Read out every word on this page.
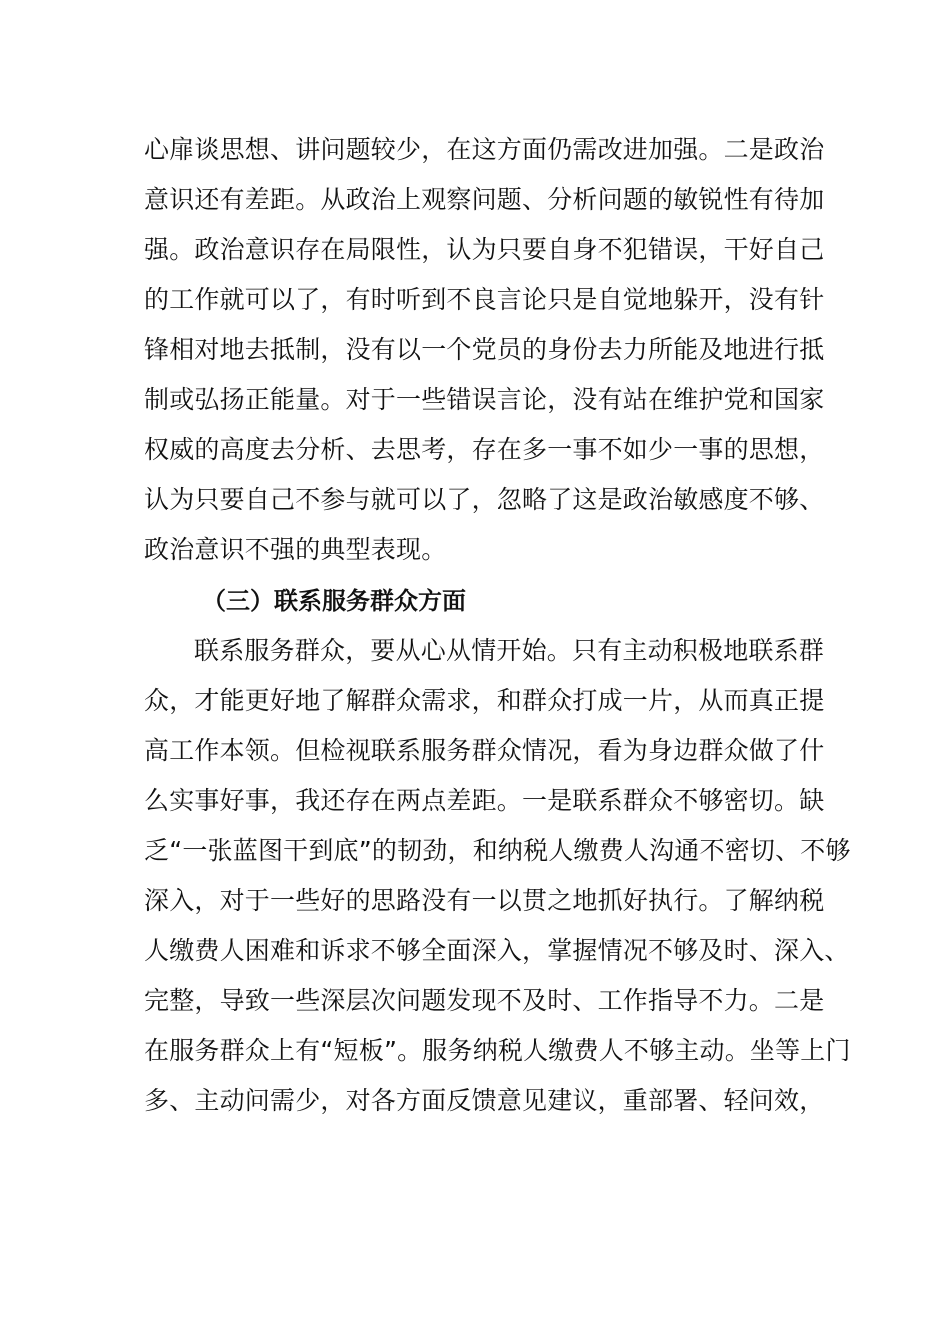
心扉谈思想、讲问题较少，在这方面仍需改进加强。二是政治
意识还有差距。从政治上观察问题、分析问题的敏锐性有待加
强。政治意识存在局限性，认为只要自身不犯错误，干好自己
的工作就可以了，有时听到不良言论只是自觉地躲开，没有针
锋相对地去抵制，没有以一个党员的身份去力所能及地进行抵
制或弘扬正能量。对于一些错误言论，没有站在维护党和国家
权威的高度去分析、去思考，存在多一事不如少一事的思想，
认为只要自己不参与就可以了，忽略了这是政治敏感度不够、
政治意识不强的典型表现。
（三）联系服务群众方面
联系服务群众，要从心从情开始。只有主动积极地联系群
众，才能更好地了解群众需求，和群众打成一片，从而真正提
高工作本领。但检视联系服务群众情况，看为身边群众做了什
么实事好事，我还存在两点差距。一是联系群众不够密切。缺
乏“一张蓝图干到底”的韧劲，和纳税人缴费人沟通不密切、不够
深入，对于一些好的思路没有一以贯之地抓好执行。了解纳税
人缴费人困难和诉求不够全面深入，掌握情况不够及时、深入、
完整，导致一些深层次问题发现不及时、工作指导不力。二是
在服务群众上有“短板”。服务纳税人缴费人不够主动。坐等上门
多、主动问需少，对各方面反馈意见建议，重部署、轻问效，
